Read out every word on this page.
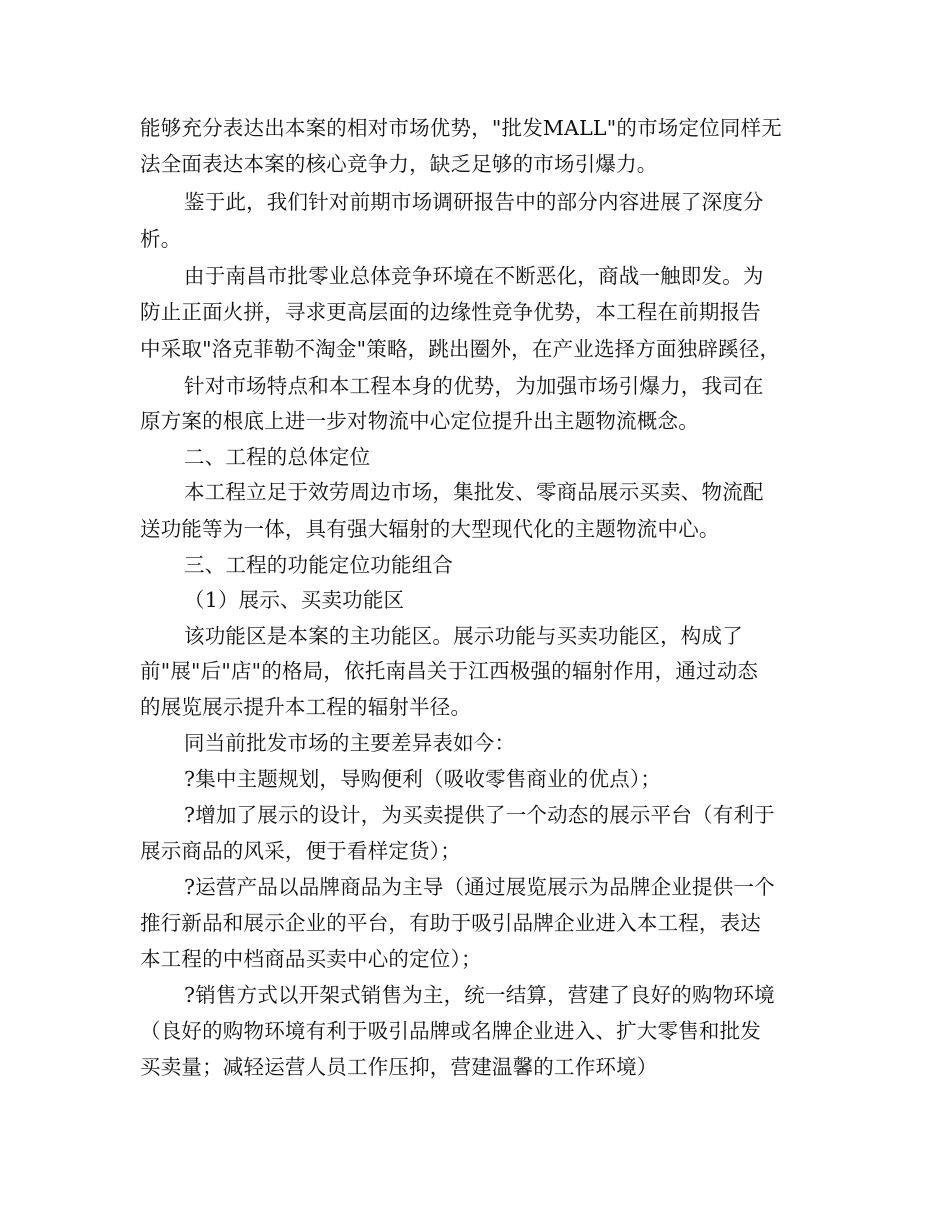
能够充分表达出本案的相对市场优势，"批发MALL"的市场定位同样无
法全面表达本案的核心竞争力，缺乏足够的市场引爆力。
鉴于此，我们针对前期市场调研报告中的部分内容进展了深度分
析。
由于南昌市批零业总体竞争环境在不断恶化，商战一触即发。为
防止正面火拼，寻求更高层面的边缘性竞争优势，本工程在前期报告
中采取"洛克菲勒不淘金"策略，跳出圈外，在产业选择方面独辟蹊径，
针对市场特点和本工程本身的优势，为加强市场引爆力，我司在
原方案的根底上进一步对物流中心定位提升出主题物流概念。
二、工程的总体定位
本工程立足于效劳周边市场，集批发、零商品展示买卖、物流配
送功能等为一体，具有强大辐射的大型现代化的主题物流中心。
三、工程的功能定位功能组合
（1）展示、买卖功能区
该功能区是本案的主功能区。展示功能与买卖功能区，构成了
前"展"后"店"的格局，依托南昌关于江西极强的辐射作用，通过动态
的展览展示提升本工程的辐射半径。
同当前批发市场的主要差异表如今：
?集中主题规划，导购便利（吸收零售商业的优点）；
?增加了展示的设计，为买卖提供了一个动态的展示平台（有利于
展示商品的风采，便于看样定货）；
?运营产品以品牌商品为主导（通过展览展示为品牌企业提供一个
推行新品和展示企业的平台，有助于吸引品牌企业进入本工程，表达
本工程的中档商品买卖中心的定位）；
?销售方式以开架式销售为主，统一结算，营建了良好的购物环境
（良好的购物环境有利于吸引品牌或名牌企业进入、扩大零售和批发
买卖量；减轻运营人员工作压抑，营建温馨的工作环境）
